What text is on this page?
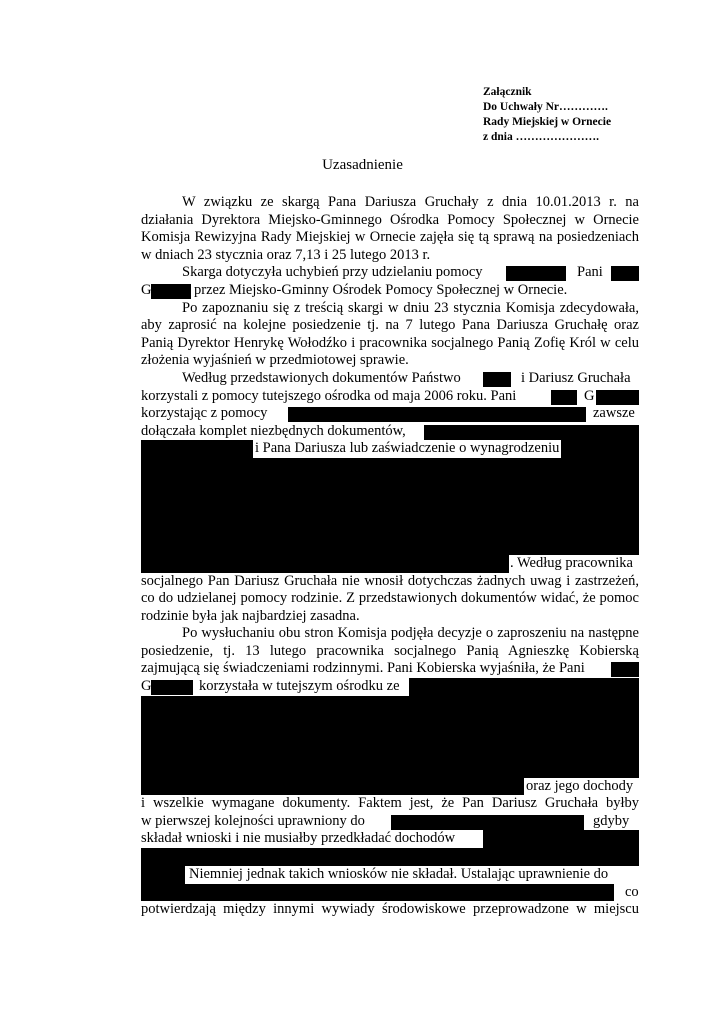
Załącznik
Do Uchwały Nr………….
Rady Miejskiej w Ornecie
z dnia ………………….
Uzasadnienie
W związku ze skargą Pana Dariusza Gruchały z dnia 10.01.2013 r. na
działania Dyrektora Miejsko-Gminnego Ośrodka Pomocy Społecznej w Ornecie
Komisja Rewizyjna Rady Miejskiej w Ornecie zajęła się tą sprawą na posiedzeniach
w dniach 23 stycznia oraz 7,13 i 25 lutego 2013 r.
Skarga dotyczyła uchybień przy udzielaniu pomocy	Pani
G	przez Miejsko-Gminny Ośrodek Pomocy Społecznej w Ornecie.
Po zapoznaniu się z treścią skargi w dniu 23 stycznia Komisja zdecydowała,
aby zaprosić na kolejne posiedzenie tj. na 7 lutego Pana Dariusza Gruchałę oraz
Panią Dyrektor Henrykę Wołodźko i pracownika socjalnego Panią Zofię Król w celu
złożenia wyjaśnień w przedmiotowej sprawie.
Według przedstawionych dokumentów Państwo	i Dariusz Gruchała
korzystali z pomocy tutejszego ośrodka od maja 2006 roku. Pani	G
korzystając z pomocy	zawsze
dołączała komplet niezbędnych dokumentów,
i Pana Dariusza lub zaświadczenie o wynagrodzeniu
. Według pracownika
socjalnego Pan Dariusz Gruchała nie wnosił dotychczas żadnych uwag i zastrzeżeń,
co do udzielanej pomocy rodzinie. Z przedstawionych dokumentów widać, że pomoc
rodzinie była jak najbardziej zasadna.
Po wysłuchaniu obu stron Komisja podjęła decyzje o zaproszeniu na następne
posiedzenie, tj. 13 lutego pracownika socjalnego Panią Agnieszkę Kobierską
zajmującą się świadczeniami rodzinnymi. Pani Kobierska wyjaśniła, że Pani
G	korzystała w tutejszym ośrodku ze
oraz jego dochody
i wszelkie wymagane dokumenty. Faktem jest, że Pan Dariusz Gruchała byłby
w pierwszej kolejności uprawniony do	gdyby
składał wnioski i nie musiałby przedkładać dochodów
Niemniej jednak takich wniosków nie składał. Ustalając uprawnienie do
co
potwierdzają między innymi wywiady środowiskowe przeprowadzone w miejscu
